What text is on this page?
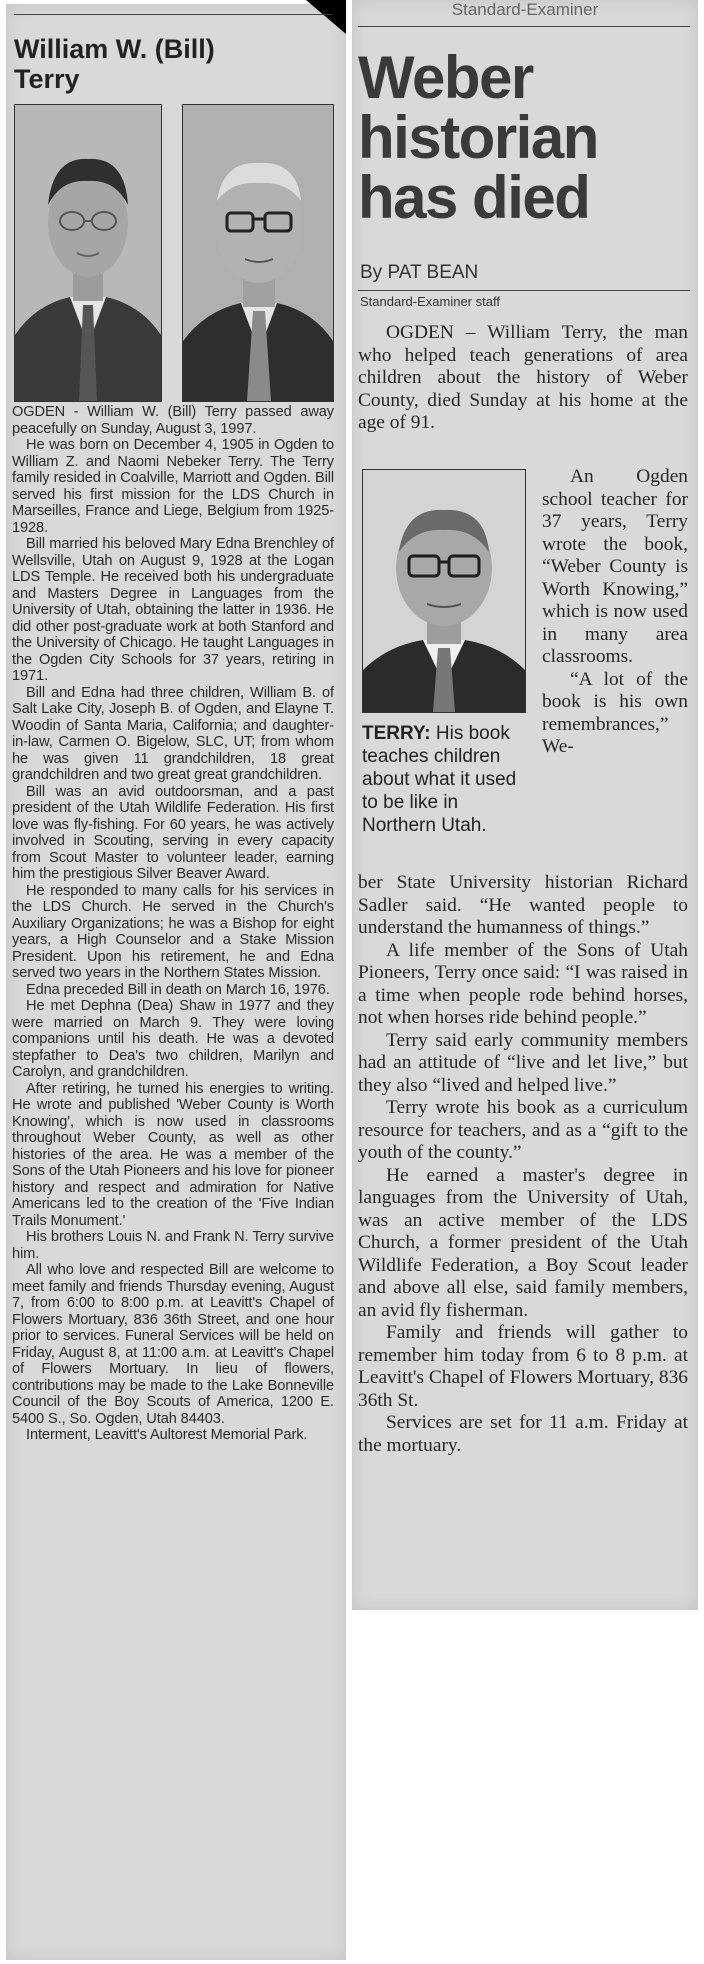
William W. (Bill)
Terry

OGDEN - William W. (Bill) Terry passed away peacefully on Sunday, August 3, 1997.

He was born on December 4, 1905 in Ogden to William Z. and Naomi Nebeker Terry. The Terry family resided in Coalville, Marriott and Ogden. Bill served his first mission for the LDS Church in Marseilles, France and Liege, Belgium from 1925-1928.

Bill married his beloved Mary Edna Brenchley of Wellsville, Utah on August 9, 1928 at the Logan LDS Temple. He received both his undergraduate and Masters Degree in Languages from the University of Utah, obtaining the latter in 1936. He did other post-graduate work at both Stanford and the University of Chicago. He taught Languages in the Ogden City Schools for 37 years, retiring in 1971.

Bill and Edna had three children, William B. of Salt Lake City, Joseph B. of Ogden, and Elayne T. Woodin of Santa Maria, California; and daughter-in-law, Carmen O. Bigelow, SLC, UT; from whom he was given 11 grandchildren, 18 great grandchildren and two great great grandchildren.

Bill was an avid outdoorsman, and a past president of the Utah Wildlife Federation. His first love was fly-fishing. For 60 years, he was actively involved in Scouting, serving in every capacity from Scout Master to volunteer leader, earning him the prestigious Silver Beaver Award.

He responded to many calls for his services in the LDS Church. He served in the Church's Auxiliary Organizations; he was a Bishop for eight years, a High Counselor and a Stake Mission President. Upon his retirement, he and Edna served two years in the Northern States Mission.

Edna preceded Bill in death on March 16, 1976.

He met Dephna (Dea) Shaw in 1977 and they were married on March 9. They were loving companions until his death. He was a devoted stepfather to Dea's two children, Marilyn and Carolyn, and grandchildren.

After retiring, he turned his energies to writing. He wrote and published 'Weber County is Worth Knowing', which is now used in classrooms throughout Weber County, as well as other histories of the area. He was a member of the Sons of the Utah Pioneers and his love for pioneer history and respect and admiration for Native Americans led to the creation of the 'Five Indian Trails Monument.'

His brothers Louis N. and Frank N. Terry survive him.

All who love and respected Bill are welcome to meet family and friends Thursday evening, August 7, from 6:00 to 8:00 p.m. at Leavitt's Chapel of Flowers Mortuary, 836 36th Street, and one hour prior to services. Funeral Services will be held on Friday, August 8, at 11:00 a.m. at Leavitt's Chapel of Flowers Mortuary. In lieu of flowers, contributions may be made to the Lake Bonneville Council of the Boy Scouts of America, 1200 E. 5400 S., So. Ogden, Utah 84403.

Interment, Leavitt's Aultorest Memorial Park.

Standard-Examiner
Weber
historian
has died
By PAT BEAN
Standard-Examiner staff

OGDEN – William Terry, the man who helped teach generations of area children about the history of Weber County, died Sunday at his home at the age of 91.

TERRY: His book teaches children about what it used to be like in Northern Utah.

An Ogden school teacher for 37 years, Terry wrote the book, “Weber County is Worth Knowing,” which is now used in many area classrooms.

“A lot of the book is his own remembrances,” We-

ber State University historian Richard Sadler said. “He wanted people to understand the humanness of things.”

A life member of the Sons of Utah Pioneers, Terry once said: “I was raised in a time when people rode behind horses, not when horses ride behind people.”

Terry said early community members had an attitude of “live and let live,” but they also “lived and helped live.”

Terry wrote his book as a curriculum resource for teachers, and as a “gift to the youth of the county.”

He earned a master's degree in languages from the University of Utah, was an active member of the LDS Church, a former president of the Utah Wildlife Federation, a Boy Scout leader and above all else, said family members, an avid fly fisherman.

Family and friends will gather to remember him today from 6 to 8 p.m. at Leavitt's Chapel of Flowers Mortuary, 836 36th St.

Services are set for 11 a.m. Friday at the mortuary.
